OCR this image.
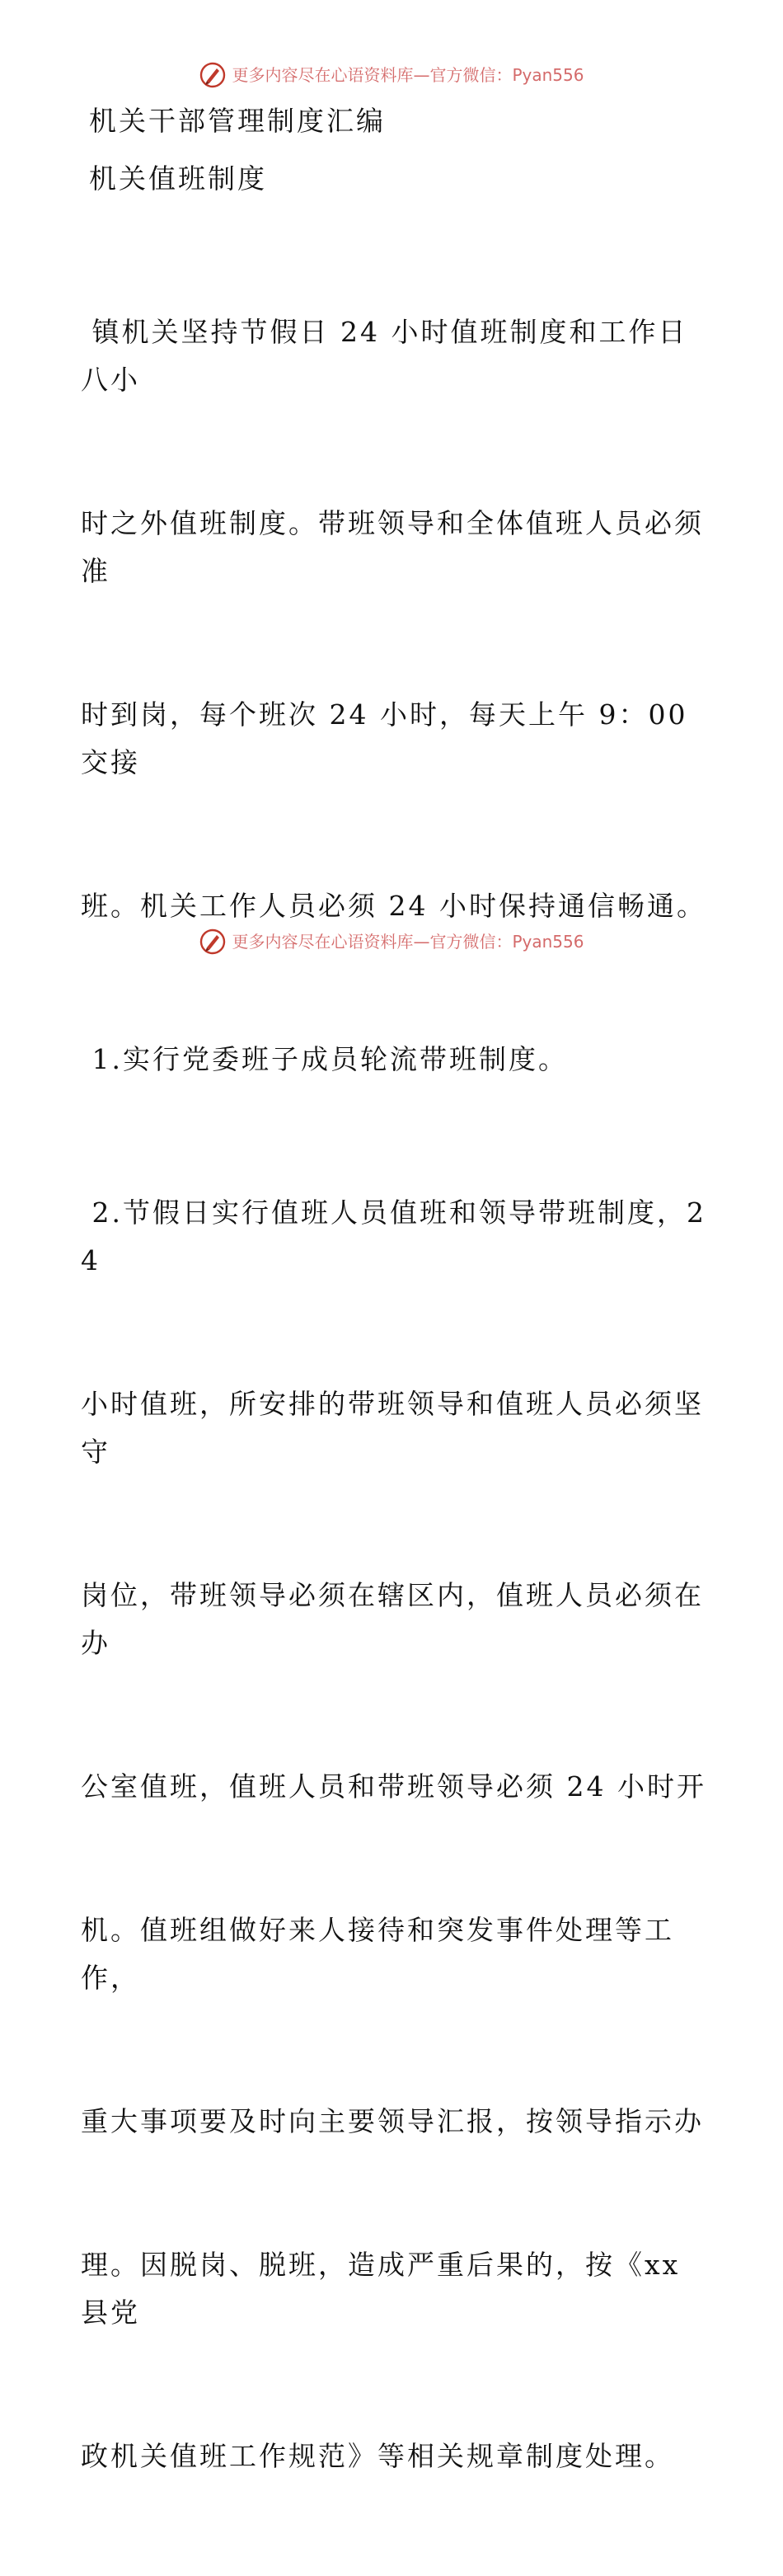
更多内容尽在心语资料库—官方微信：Pyan556

机关干部管理制度汇编

机关值班制度

镇机关坚持节假日 24 小时值班制度和工作日八小

时之外值班制度。带班领导和全体值班人员必须准

时到岗，每个班次 24 小时，每天上午 9：00 交接

班。机关工作人员必须 24 小时保持通信畅通。

1.实行党委班子成员轮流带班制度。

2.节假日实行值班人员值班和领导带班制度，24

小时值班，所安排的带班领导和值班人员必须坚守

岗位，带班领导必须在辖区内，值班人员必须在办

公室值班，值班人员和带班领导必须 24 小时开

机。值班组做好来人接待和突发事件处理等工作，

重大事项要及时向主要领导汇报，按领导指示办

理。因脱岗、脱班，造成严重后果的，按《xx 县党

政机关值班工作规范》等相关规章制度处理。

更多内容尽在心语资料库—官方微信：Pyan556
